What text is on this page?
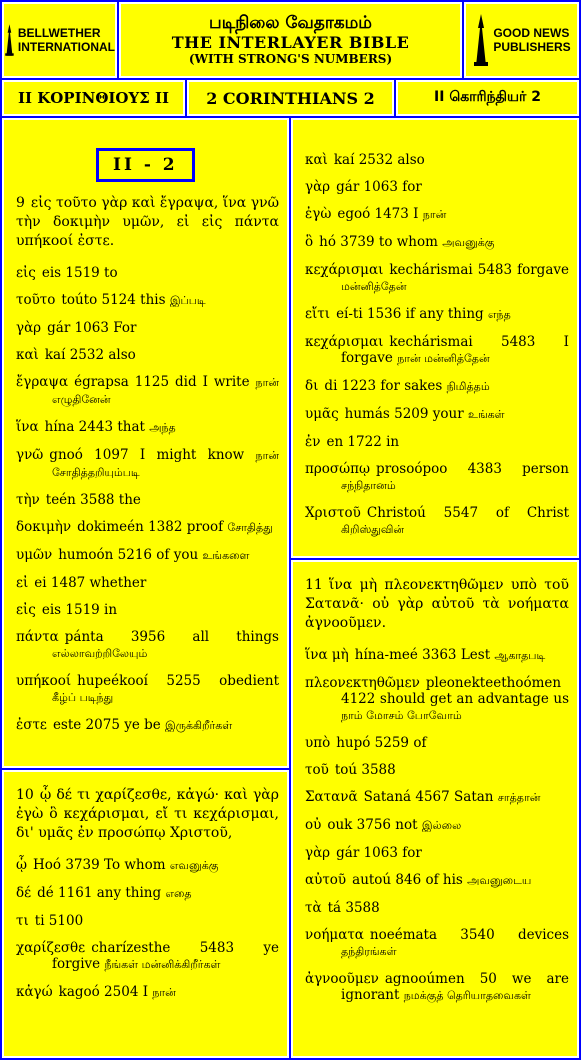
BELLWETHER
INTERNATIONAL
படிநிலை வேதாகமம்
THE INTERLAYER BIBLE
(WITH STRONG'S NUMBERS)
GOOD NEWS
PUBLISHERS
II ΚΟΡΙΝΘΙΟΥΣ II	2 CORINTHIANS 2	II கொரிந்தியர் 2
II - 2
9 εἰς τοῦτο γὰρ καὶ ἔγραψα, ἵνα γνῶ τὴν δοκιμὴν υμῶν, εἰ εἰς πάντα υπήκοοί ἐστε.
εἰς eis 1519 to
τοῦτο toúto 5124 this இப்படி
γὰρ gár 1063 For
καὶ kaí 2532 also
ἔγραψα égrapsa 1125 did I write நான் எழுதினேன்
ἵνα hína 2443 that அந்த
γνῶ gnoó 1097 I might know நான் சோதித்தறியும்படி
τὴν teén 3588 the
δοκιμὴν dokimeén 1382 proof சோதித்து
υμῶν humoón 5216 of you உங்களை
εἰ ei 1487 whether
εἰς eis 1519 in
πάντα pánta 3956 all things எல்லாவற்றிலேயும்
υπήκοοί hupeékooí 5255 obedient கீழ்ப் படிந்து
ἐστε este 2075 ye be இருக்கிறீர்கள்
10 ᾧ δέ τι χαρίζεσθε, κἀγώ· καὶ γὰρ ἐγὼ ὃ κεχάρισμαι, εἴ τι κεχάρισμαι, δι' υμᾶς ἐν προσώπῳ Χριστοῦ,
ᾧ Hoó 3739 To whom எவனுக்கு
δέ dé 1161 any thing எதை
τι ti 5100
χαρίζεσθε charízesthe 5483 ye forgive நீங்கள் மன்னிக்கிறீர்கள்
κἀγώ kagoó 2504 I நான்
καὶ kaí 2532 also
γὰρ gár 1063 for
ἐγὼ egoó 1473 I நான்
ὃ hó 3739 to whom அவனுக்கு
κεχάρισμαι kechárismai 5483 forgave மன்னித்தேன்
εἴτι eí-ti 1536 if any thing எந்த
κεχάρισμαι kechárismai 5483 I forgave நான் மன்னித்தேன்
δι di 1223 for sakes நிமித்தம்
υμᾶς humás 5209 your உங்கள்
ἐν en 1722 in
προσώπῳ prosoópoo 4383 person சந்நிதானம்
Χριστοῦ Christoú 5547 of Christ கிறிஸ்துவின்
11 ἵνα μὴ πλεονεκτηθῶμεν υπὸ τοῦ Σατανᾶ· οὐ γὰρ αὐτοῦ τὰ νοήματα ἀγνοοῦμεν.
ἵνα μὴ hína-meé 3363 Lest ஆகாதபடி
πλεονεκτηθῶμεν pleonekteethoómen 4122 should get an advantage us நாம் மோசம் போவோம்
υπὸ hupó 5259 of
τοῦ toú 3588
Σατανᾶ Sataná 4567 Satan சாத்தான்
οὐ ouk 3756 not இல்லை
γὰρ gár 1063 for
αὐτοῦ autoú 846 of his அவனுடைய
τὰ tá 3588
νοήματα noeémata 3540 devices தந்திரங்கள்
ἀγνοοῦμεν agnooúmen 50 we are ignorant நமக்குத் தெரியாதவைகள்
